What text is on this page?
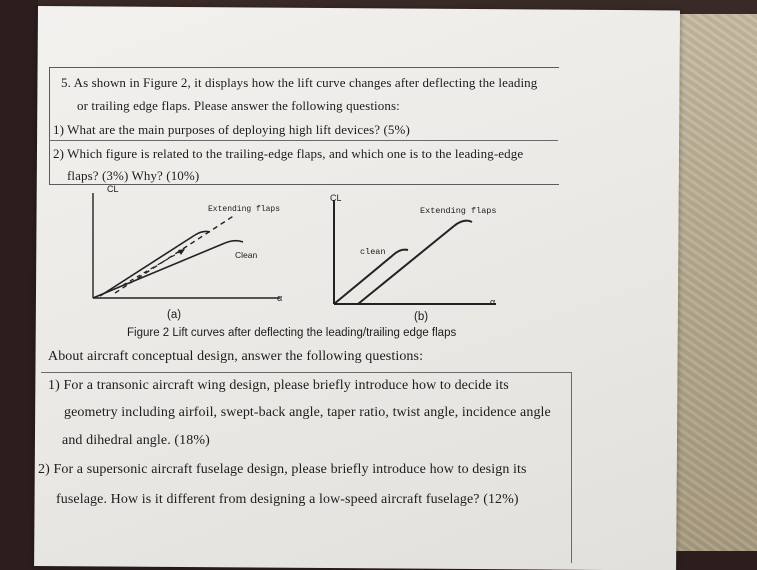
5. As shown in Figure 2, it displays how the lift curve changes after deflecting the leading
or trailing edge flaps. Please answer the following questions:
1) What are the main purposes of deploying high lift devices? (5%)
2) Which figure is related to the trailing-edge flaps, and which one is to the leading-edge
flaps? (3%) Why? (10%)
CL
Extending flaps
Clean
α
(a)
CL
Extending flaps
clean
α
(b)
Figure 2 Lift curves after deflecting the leading/trailing edge flaps
About aircraft conceptual design, answer the following questions:
1) For a transonic aircraft wing design, please briefly introduce how to decide its
geometry including airfoil, swept-back angle, taper ratio, twist angle, incidence angle
and dihedral angle. (18%)
2) For a supersonic aircraft fuselage design, please briefly introduce how to design its
fuselage. How is it different from designing a low-speed aircraft fuselage? (12%)
